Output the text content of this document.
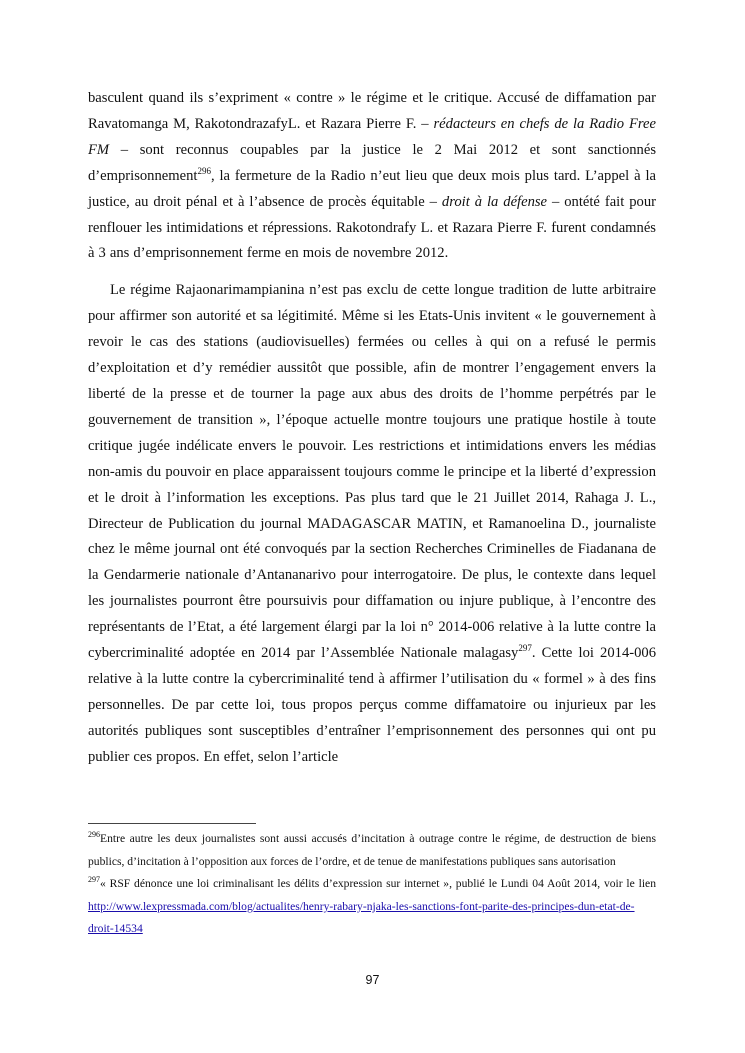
basculent quand ils s’expriment « contre » le régime et le critique. Accusé de diffamation par Ravatomanga M, RakotondrazafyL. et Razara Pierre F. – rédacteurs en chefs de la Radio Free FM – sont reconnus coupables par la justice le 2 Mai 2012 et sont sanctionnés d’emprisonnement$^{296}$, la fermeture de la Radio n’eut lieu que deux mois plus tard. L’appel à la justice, au droit pénal et à l’absence de procès équitable – droit à la défense – ontété fait pour renflouer les intimidations et répressions. Rakotondrafy L. et Razara Pierre F. furent condamnés à 3 ans d’emprisonnement ferme en mois de novembre 2012.

Le régime Rajaonarimampianina n’est pas exclu de cette longue tradition de lutte arbitraire pour affirmer son autorité et sa légitimité. Même si les Etats-Unis invitent « le gouvernement à revoir le cas des stations (audiovisuelles) fermées ou celles à qui on a refusé le permis d’exploitation et d’y remédier aussitôt que possible, afin de montrer l’engagement envers la liberté de la presse et de tourner la page aux abus des droits de l’homme perpétrés par le gouvernement de transition », l’époque actuelle montre toujours une pratique hostile à toute critique jugée indélicate envers le pouvoir. Les restrictions et intimidations envers les médias non-amis du pouvoir en place apparaissent toujours comme le principe et la liberté d’expression et le droit à l’information les exceptions. Pas plus tard que le 21 Juillet 2014, Rahaga J. L., Directeur de Publication du journal MADAGASCAR MATIN, et Ramanoelina D., journaliste chez le même journal ont été convoqués par la section Recherches Criminelles de Fiadanana de la Gendarmerie nationale d’Antananarivo pour interrogatoire. De plus, le contexte dans lequel les journalistes pourront être poursuivis pour diffamation ou injure publique, à l’encontre des représentants de l’Etat, a été largement élargi par la loi n° 2014-006 relative à la lutte contre la cybercriminalité adoptée en 2014 par l’Assemblée Nationale malagasy$^{297}$. Cette loi 2014-006 relative à la lutte contre la cybercriminalité tend à affirmer l’utilisation du « formel » à des fins personnelles. De par cette loi, tous propos perçus comme diffamatoire ou injurieux par les autorités publiques sont susceptibles d’entraîner l’emprisonnement des personnes qui ont pu publier ces propos. En effet, selon l’article

$^{296}$Entre autre les deux journalistes sont aussi accusés d’incitation à outrage contre le régime, de destruction de biens publics, d’incitation à l’opposition aux forces de l’ordre, et de tenue de manifestations publiques sans autorisation

$^{297}$« RSF dénonce une loi criminalisant les délits d’expression sur internet », publié le Lundi 04 Août 2014, voir le lien http://www.lexpressmada.com/blog/actualites/henry-rabary-njaka-les-sanctions-font-parite-des-principes-dun-etat-de-droit-14534

97
